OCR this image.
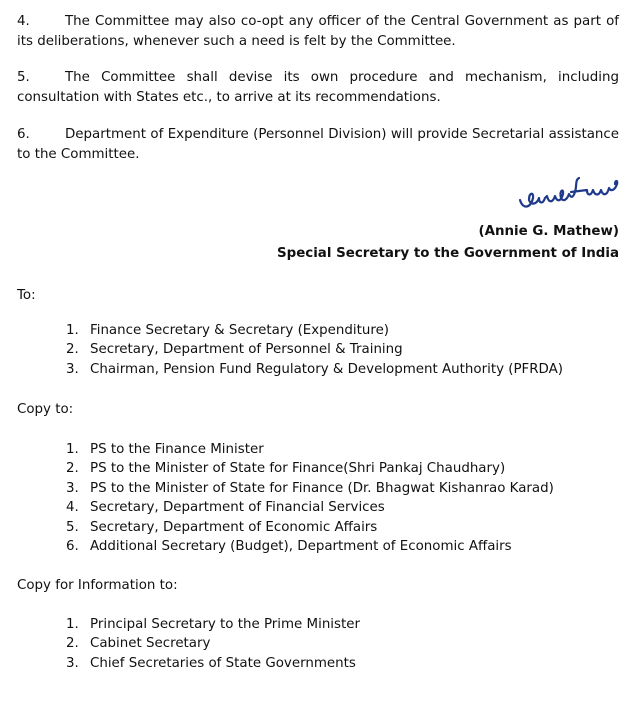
4.	The Committee may also co-opt any officer of the Central Government as part of its deliberations, whenever such a need is felt by the Committee.

5.	The Committee shall devise its own procedure and mechanism, including consultation with States etc., to arrive at its recommendations.

6.	Department of Expenditure (Personnel Division) will provide Secretarial assistance to the Committee.

(Annie G. Mathew)
Special Secretary to the Government of India

To:

1. Finance Secretary & Secretary (Expenditure)
2. Secretary, Department of Personnel & Training
3. Chairman, Pension Fund Regulatory & Development Authority (PFRDA)

Copy to:

1. PS to the Finance Minister
2. PS to the Minister of State for Finance(Shri Pankaj Chaudhary)
3. PS to the Minister of State for Finance (Dr. Bhagwat Kishanrao Karad)
4. Secretary, Department of Financial Services
5. Secretary, Department of Economic Affairs
6. Additional Secretary (Budget), Department of Economic Affairs

Copy for Information to:

1. Principal Secretary to the Prime Minister
2. Cabinet Secretary
3. Chief Secretaries of State Governments
